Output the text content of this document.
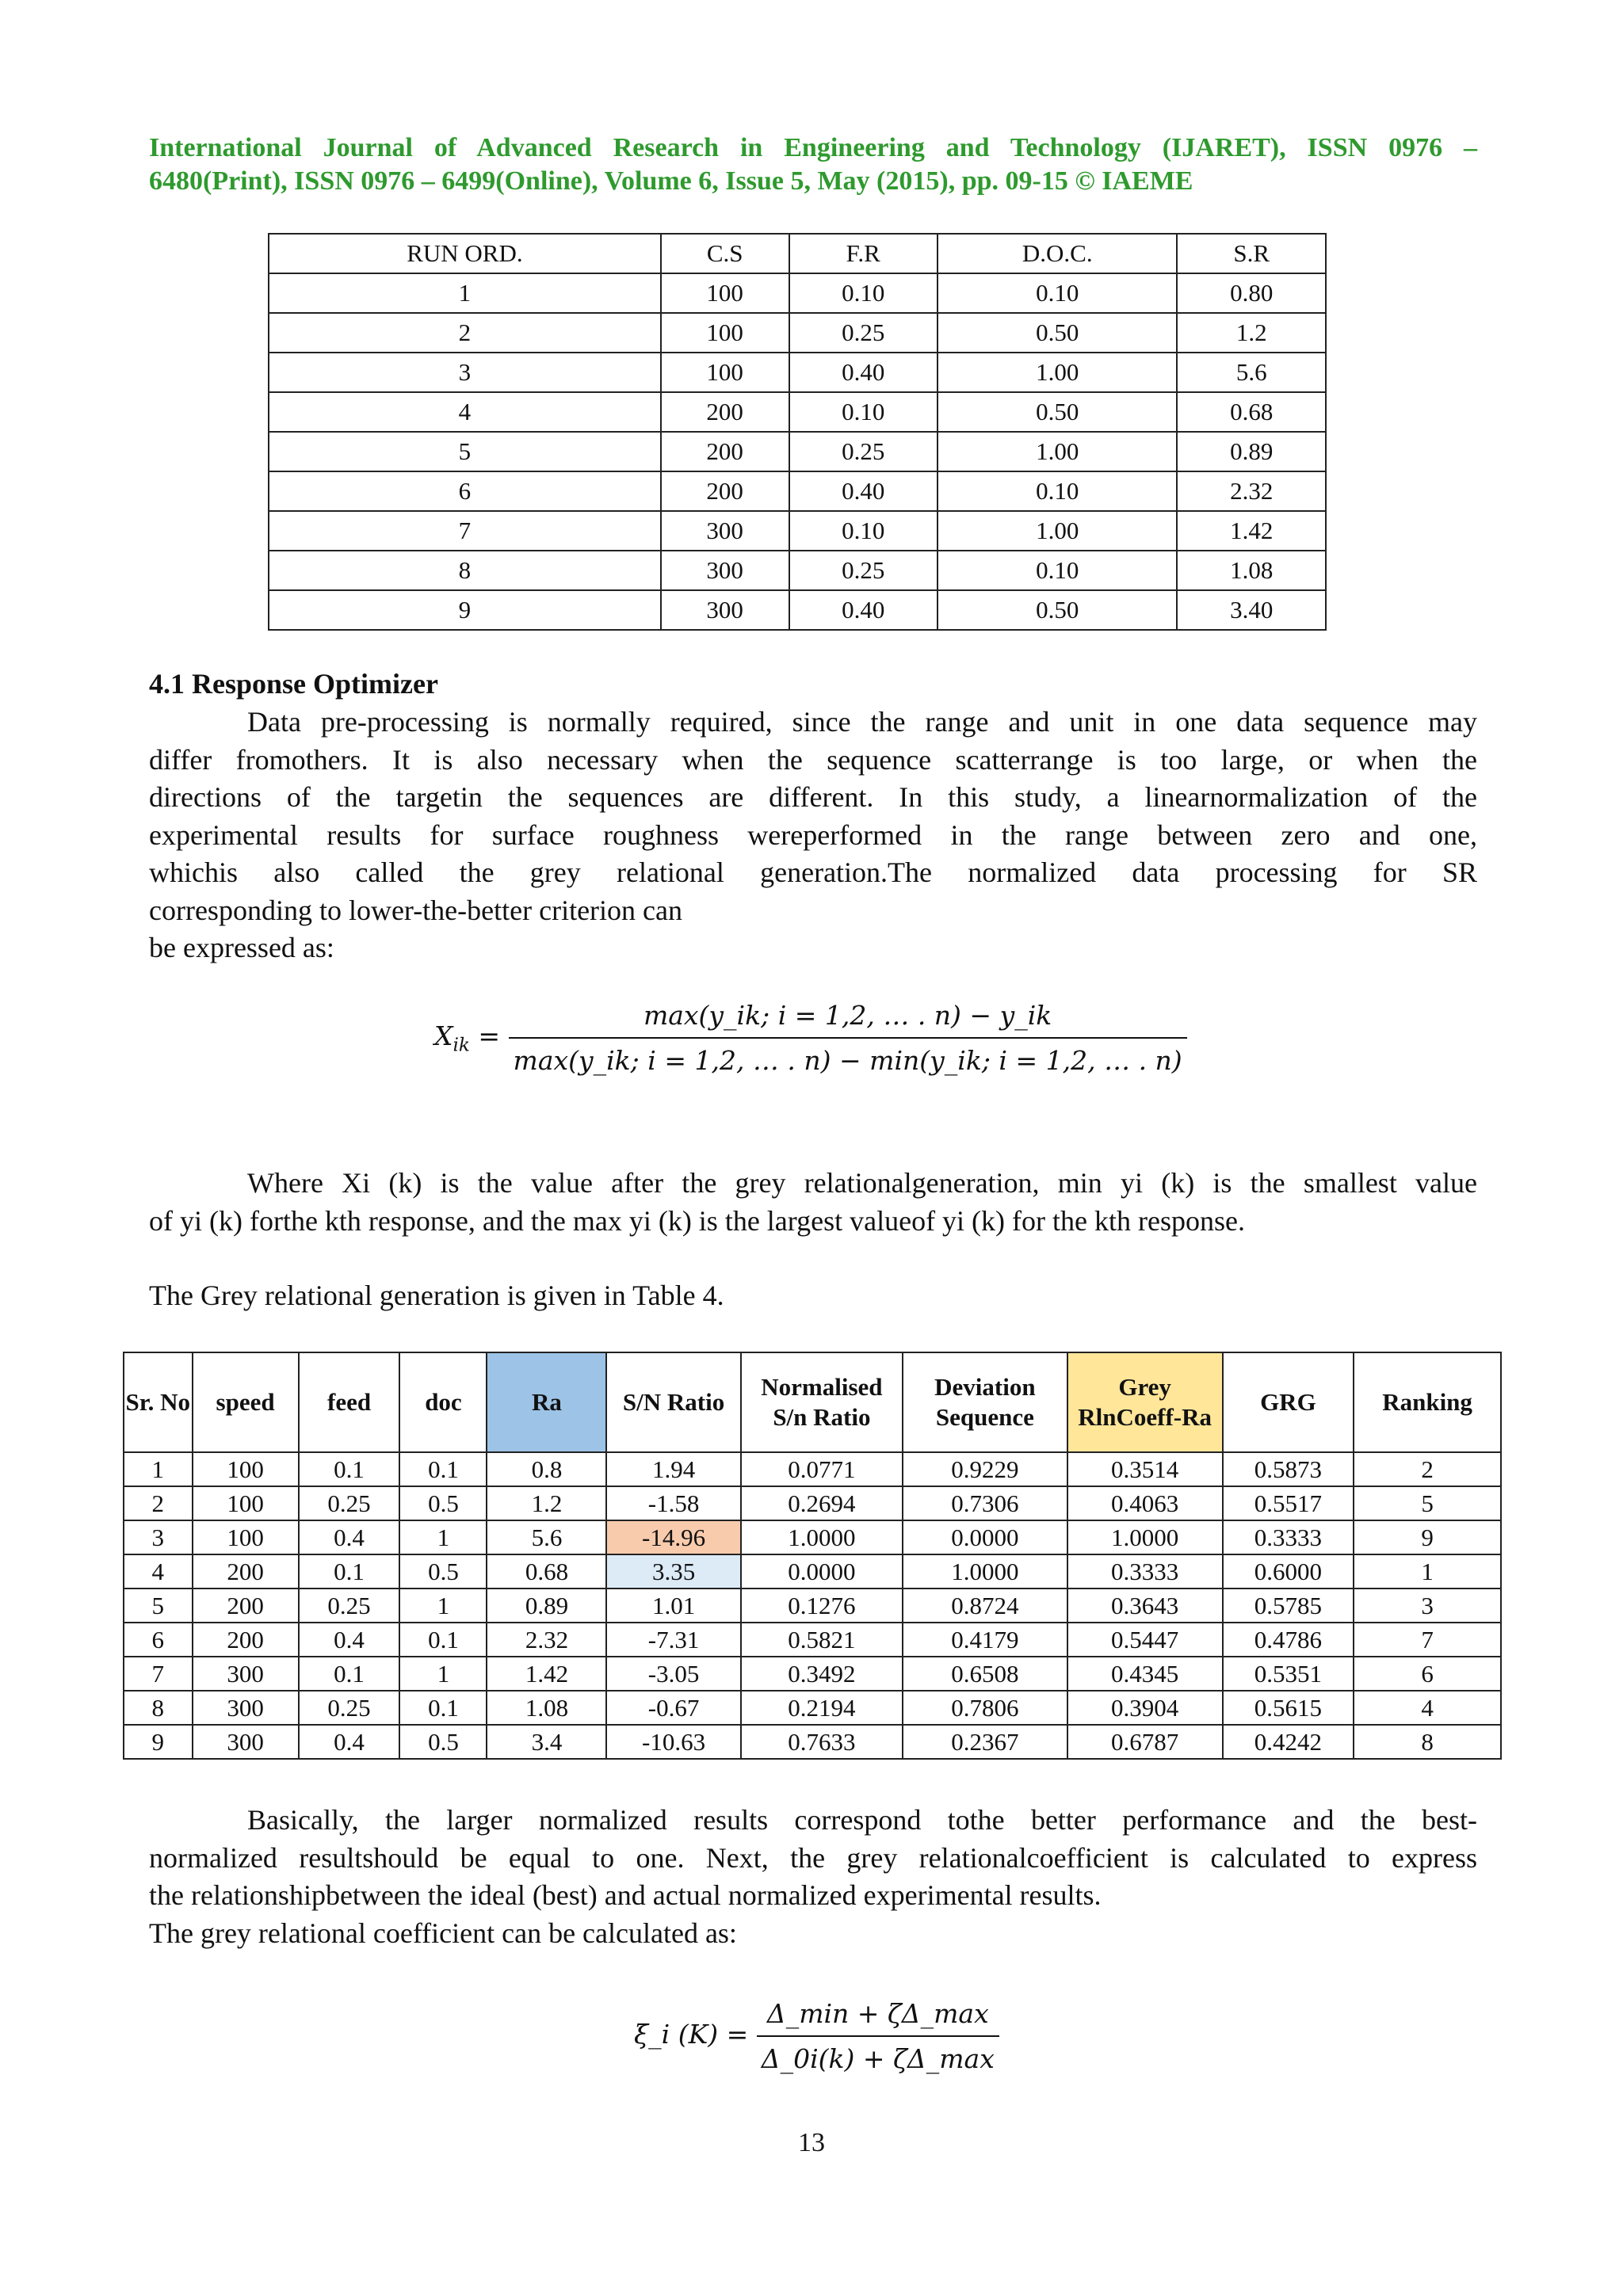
International Journal of Advanced Research in Engineering and Technology (IJARET), ISSN 0976 –
6480(Print), ISSN 0976 – 6499(Online), Volume 6, Issue 5, May (2015), pp. 09-15 © IAEME
RUN ORD.	C.S	F.R	D.O.C.	S.R
1	100	0.10	0.10	0.80
2	100	0.25	0.50	1.2
3	100	0.40	1.00	5.6
4	200	0.10	0.50	0.68
5	200	0.25	1.00	0.89
6	200	0.40	0.10	2.32
7	300	0.10	1.00	1.42
8	300	0.25	0.10	1.08
9	300	0.40	0.50	3.40
4.1 Response Optimizer
Data pre-processing is normally required, since the range and unit in one data sequence may
differ fromothers. It is also necessary when the sequence scatterrange is too large, or when the
directions of the targetin the sequences are different. In this study, a linearnormalization of the
experimental results for surface roughness wereperformed in the range between zero and one,
whichis also called the grey relational generation.The normalized data processing for SR
corresponding to lower-the-better criterion can
be expressed as:
$X_{ik} = \frac{\max(y\_ik; i = 1,2, \dots . n) - y\_ik}{\max(y\_ik; i = 1,2, \dots . n) - \min(y\_ik; i = 1,2, \dots . n)}$
Where Xi (k) is the value after the grey relationalgeneration, min yi (k) is the smallest value
of yi (k) forthe kth response, and the max yi (k) is the largest valueof yi (k) for the kth response.
The Grey relational generation is given in Table 4.
Sr. No	speed	feed	doc	Ra	S/N Ratio	Normalised S/n Ratio	Deviation Sequence	Grey RlnCoeff-Ra	GRG	Ranking
1	100	0.1	0.1	0.8	1.94	0.0771	0.9229	0.3514	0.5873	2
2	100	0.25	0.5	1.2	-1.58	0.2694	0.7306	0.4063	0.5517	5
3	100	0.4	1	5.6	-14.96	1.0000	0.0000	1.0000	0.3333	9
4	200	0.1	0.5	0.68	3.35	0.0000	1.0000	0.3333	0.6000	1
5	200	0.25	1	0.89	1.01	0.1276	0.8724	0.3643	0.5785	3
6	200	0.4	0.1	2.32	-7.31	0.5821	0.4179	0.5447	0.4786	7
7	300	0.1	1	1.42	-3.05	0.3492	0.6508	0.4345	0.5351	6
8	300	0.25	0.1	1.08	-0.67	0.2194	0.7806	0.3904	0.5615	4
9	300	0.4	0.5	3.4	-10.63	0.7633	0.2367	0.6787	0.4242	8
Basically, the larger normalized results correspond tothe better performance and the best-
normalized resultshould be equal to one. Next, the grey relationalcoefficient is calculated to express
the relationshipbetween the ideal (best) and actual normalized experimental results.
The grey relational coefficient can be calculated as:
ξ_i $(K) = \frac{\Delta\_\min + \zeta\Delta\_\max}{\Delta\_0i(k) + \zeta\Delta\_\max}$
13
